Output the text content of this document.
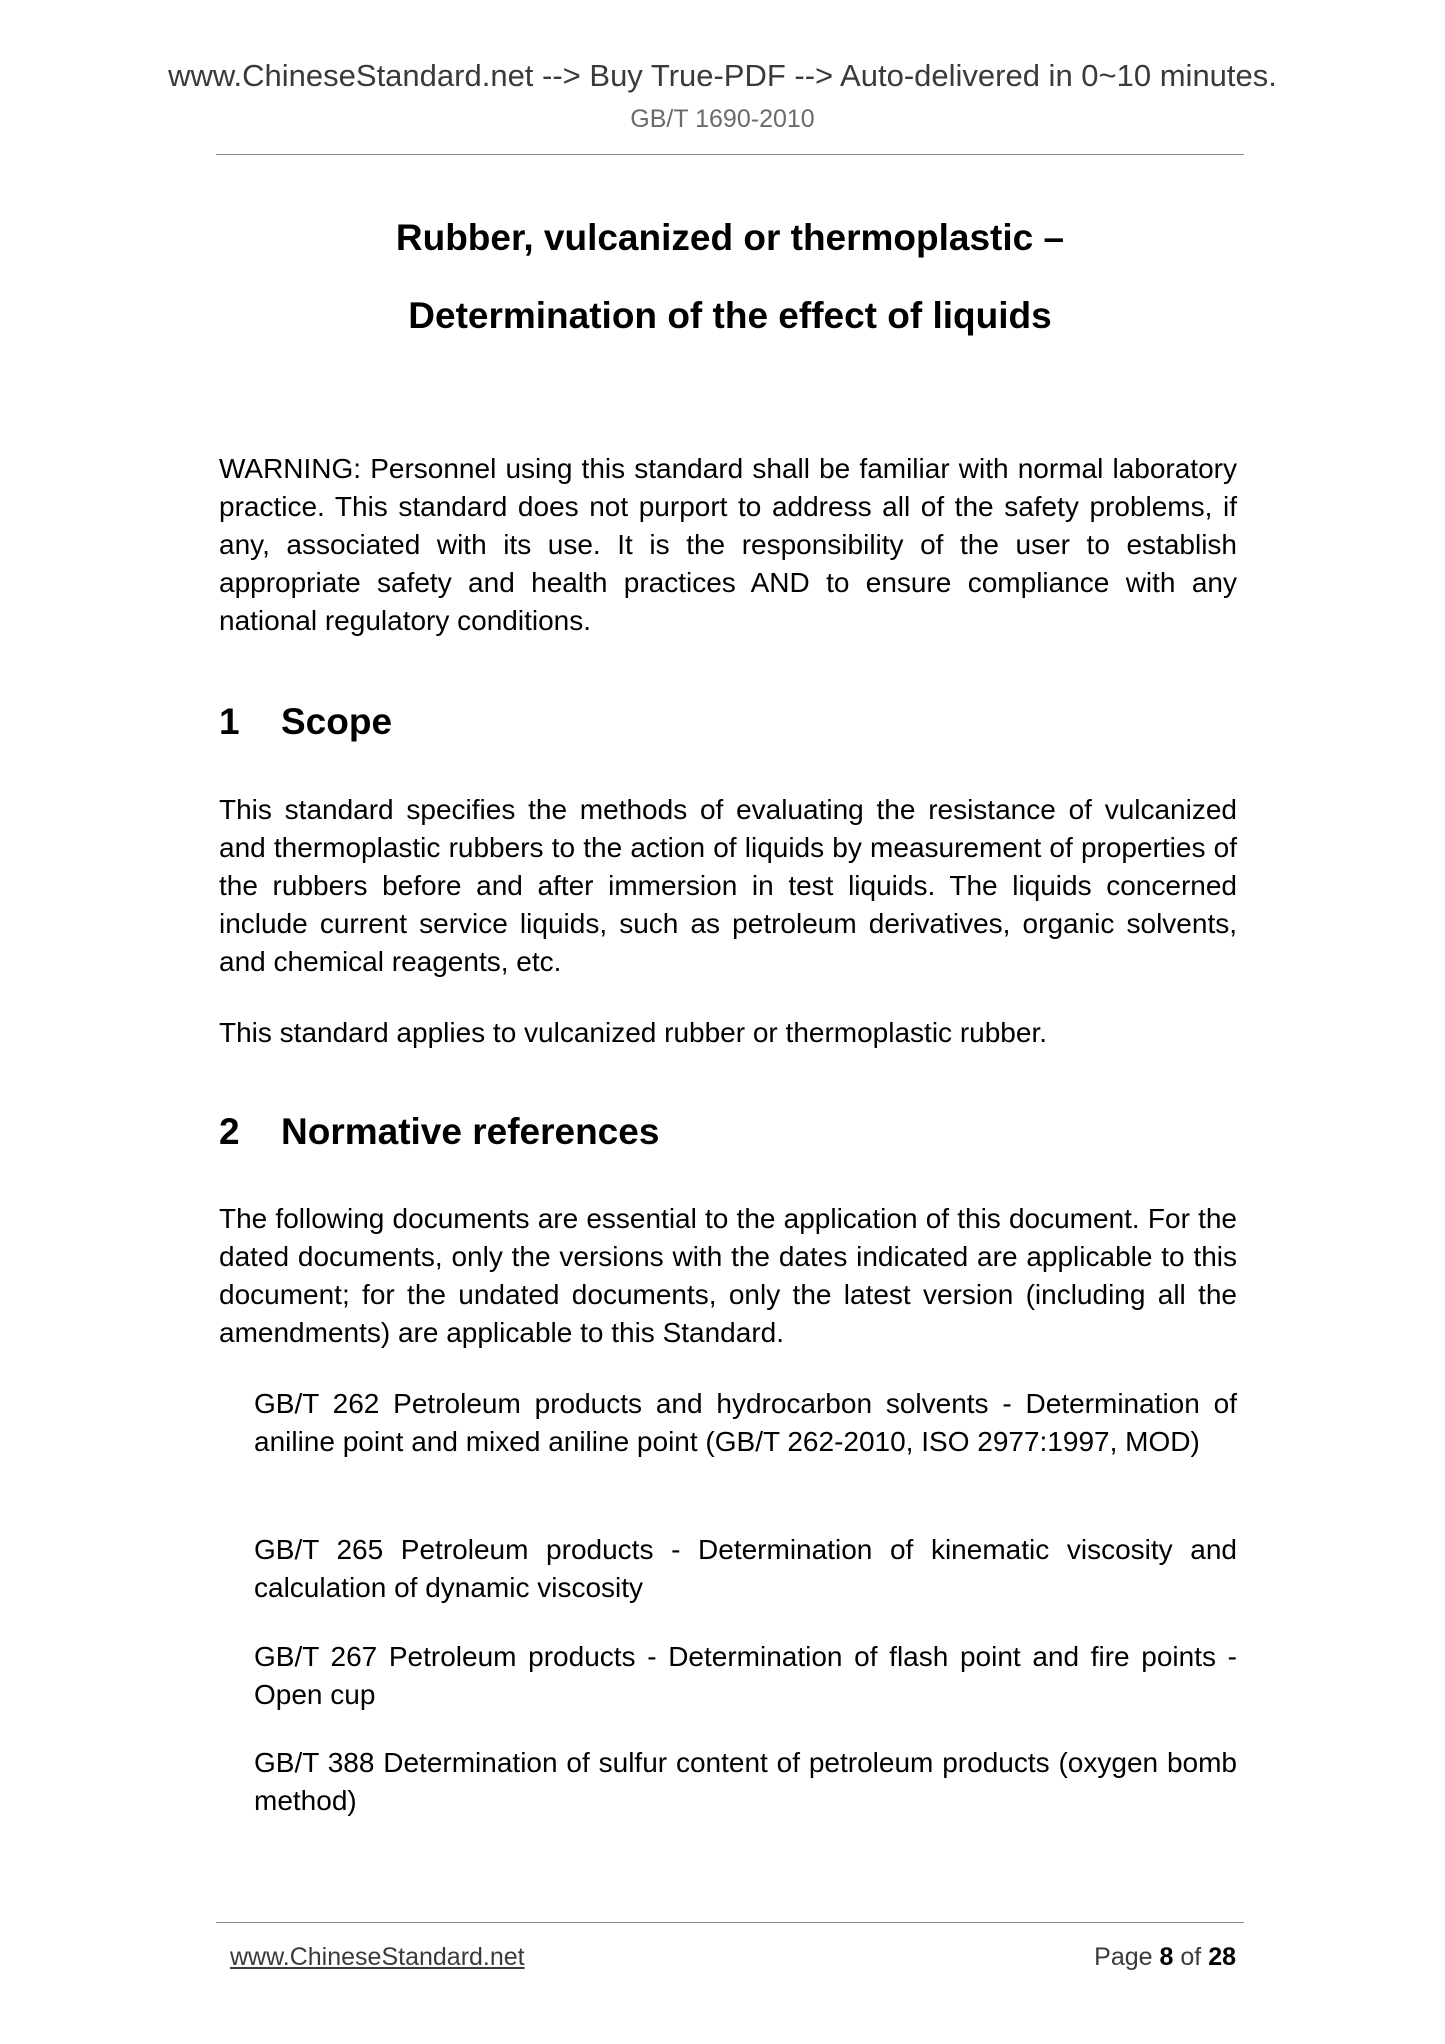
www.ChineseStandard.net --> Buy True-PDF --> Auto-delivered in 0~10 minutes.
GB/T 1690-2010
Rubber, vulcanized or thermoplastic –
Determination of the effect of liquids

WARNING: Personnel using this standard shall be familiar with normal laboratory practice. This standard does not purport to address all of the safety problems, if any, associated with its use. It is the responsibility of the user to establish appropriate safety and health practices AND to ensure compliance with any national regulatory conditions.

1 Scope

This standard specifies the methods of evaluating the resistance of vulcanized and thermoplastic rubbers to the action of liquids by measurement of properties of the rubbers before and after immersion in test liquids. The liquids concerned include current service liquids, such as petroleum derivatives, organic solvents, and chemical reagents, etc.

This standard applies to vulcanized rubber or thermoplastic rubber.

2 Normative references

The following documents are essential to the application of this document. For the dated documents, only the versions with the dates indicated are applicable to this document; for the undated documents, only the latest version (including all the amendments) are applicable to this Standard.

GB/T 262 Petroleum products and hydrocarbon solvents - Determination of aniline point and mixed aniline point (GB/T 262-2010, ISO 2977:1997, MOD)

GB/T 265 Petroleum products - Determination of kinematic viscosity and calculation of dynamic viscosity

GB/T 267 Petroleum products - Determination of flash point and fire points - Open cup

GB/T 388 Determination of sulfur content of petroleum products (oxygen bomb method)

www.ChineseStandard.net	Page 8 of 28
